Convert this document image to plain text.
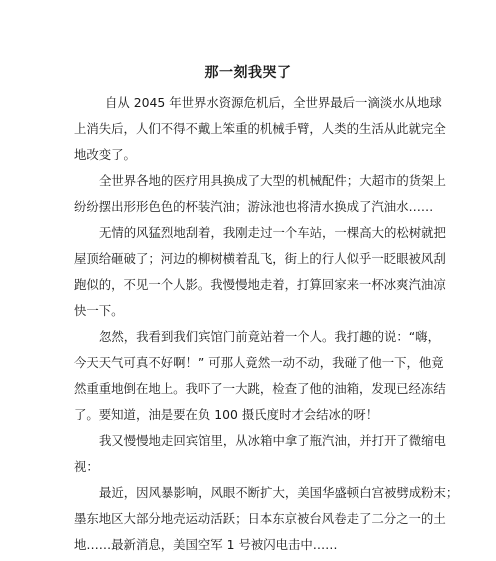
那一刻我哭了
自从 2045 年世界水资源危机后，全世界最后一滴淡水从地球
上消失后，人们不得不戴上笨重的机械手臂，人类的生活从此就完全
地改变了。
全世界各地的医疗用具换成了大型的机械配件；大超市的货架上
纷纷摆出形形色色的杯装汽油；游泳池也将清水换成了汽油水……
无情的风猛烈地刮着，我刚走过一个车站，一棵高大的松树就把
屋顶给砸破了；河边的柳树横着乱飞，街上的行人似乎一眨眼被风刮
跑似的，不见一个人影。我慢慢地走着，打算回家来一杯冰爽汽油凉
快一下。
忽然，我看到我们宾馆门前竟站着一个人。我打趣的说：“嗨，
今天天气可真不好啊！” 可那人竟然一动不动，我碰了他一下，他竟
然重重地倒在地上。我吓了一大跳，检查了他的油箱，发现已经冻结
了。要知道，油是要在负 100 摄氏度时才会结冰的呀！
我又慢慢地走回宾馆里，从冰箱中拿了瓶汽油，并打开了微缩电
视：
最近，因风暴影响，风眼不断扩大，美国华盛顿白宫被劈成粉末；
墨东地区大部分地壳运动活跃；日本东京被台风卷走了二分之一的土
地……最新消息，美国空军 1 号被闪电击中……
